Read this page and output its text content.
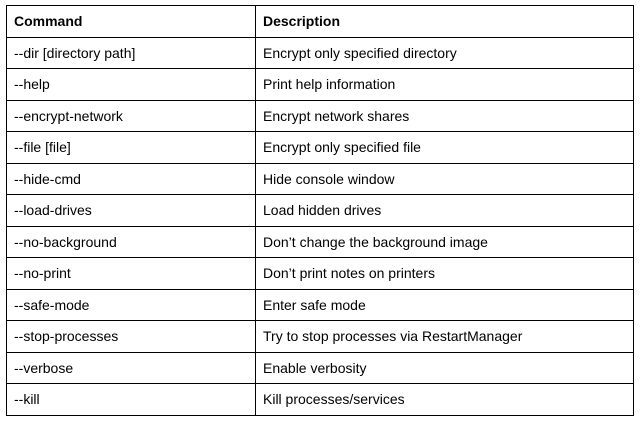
Command	Description
--dir [directory path]	Encrypt only specified directory
--help	Print help information
--encrypt-network	Encrypt network shares
--file [file]	Encrypt only specified file
--hide-cmd	Hide console window
--load-drives	Load hidden drives
--no-background	Don’t change the background image
--no-print	Don’t print notes on printers
--safe-mode	Enter safe mode
--stop-processes	Try to stop processes via RestartManager
--verbose	Enable verbosity
--kill	Kill processes/services
